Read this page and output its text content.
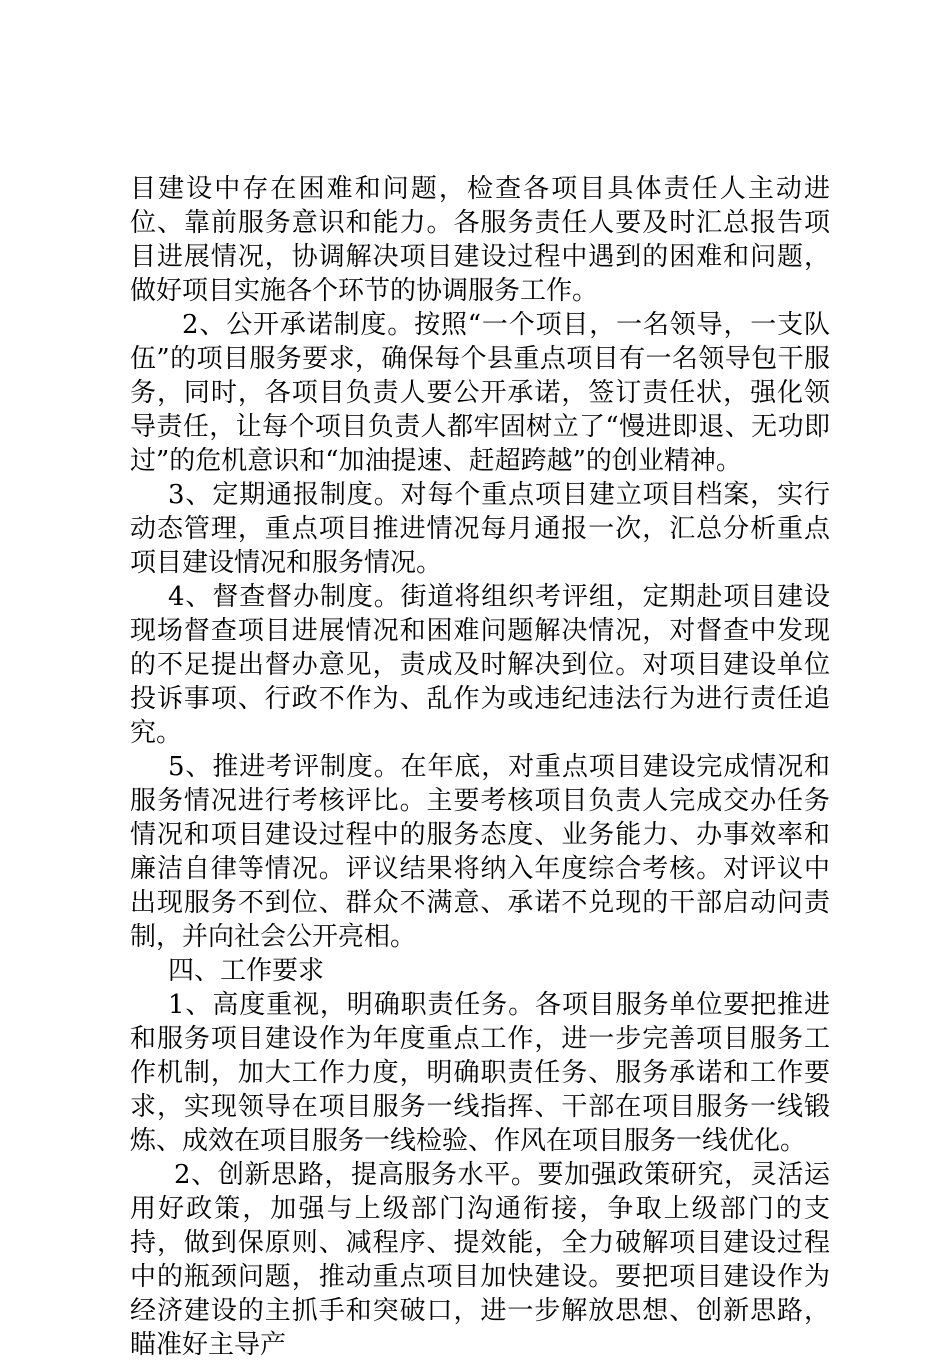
目建设中存在困难和问题，检查各项目具体责任人主动进位、靠前服务意识和能力。各服务责任人要及时汇总报告项目进展情况，协调解决项目建设过程中遇到的困难和问题，做好项目实施各个环节的协调服务工作。

2、公开承诺制度。按照“一个项目，一名领导，一支队伍”的项目服务要求，确保每个县重点项目有一名领导包干服务，同时，各项目负责人要公开承诺，签订责任状，强化领导责任，让每个项目负责人都牢固树立了“慢进即退、无功即过”的危机意识和“加油提速、赶超跨越”的创业精神。

3、定期通报制度。对每个重点项目建立项目档案，实行动态管理，重点项目推进情况每月通报一次，汇总分析重点项目建设情况和服务情况。

4、督查督办制度。街道将组织考评组，定期赴项目建设现场督查项目进展情况和困难问题解决情况，对督查中发现的不足提出督办意见，责成及时解决到位。对项目建设单位投诉事项、行政不作为、乱作为或违纪违法行为进行责任追究。

5、推进考评制度。在年底，对重点项目建设完成情况和服务情况进行考核评比。主要考核项目负责人完成交办任务情况和项目建设过程中的服务态度、业务能力、办事效率和廉洁自律等情况。评议结果将纳入年度综合考核。对评议中出现服务不到位、群众不满意、承诺不兑现的干部启动问责制，并向社会公开亮相。

四、工作要求

1、高度重视，明确职责任务。各项目服务单位要把推进和服务项目建设作为年度重点工作，进一步完善项目服务工作机制，加大工作力度，明确职责任务、服务承诺和工作要求，实现领导在项目服务一线指挥、干部在项目服务一线锻炼、成效在项目服务一线检验、作风在项目服务一线优化。

2、创新思路，提高服务水平。要加强政策研究，灵活运用好政策，加强与上级部门沟通衔接，争取上级部门的支持，做到保原则、减程序、提效能，全力破解项目建设过程中的瓶颈问题，推动重点项目加快建设。要把项目建设作为经济建设的主抓手和突破口，进一步解放思想、创新思路，瞄准好主导产
